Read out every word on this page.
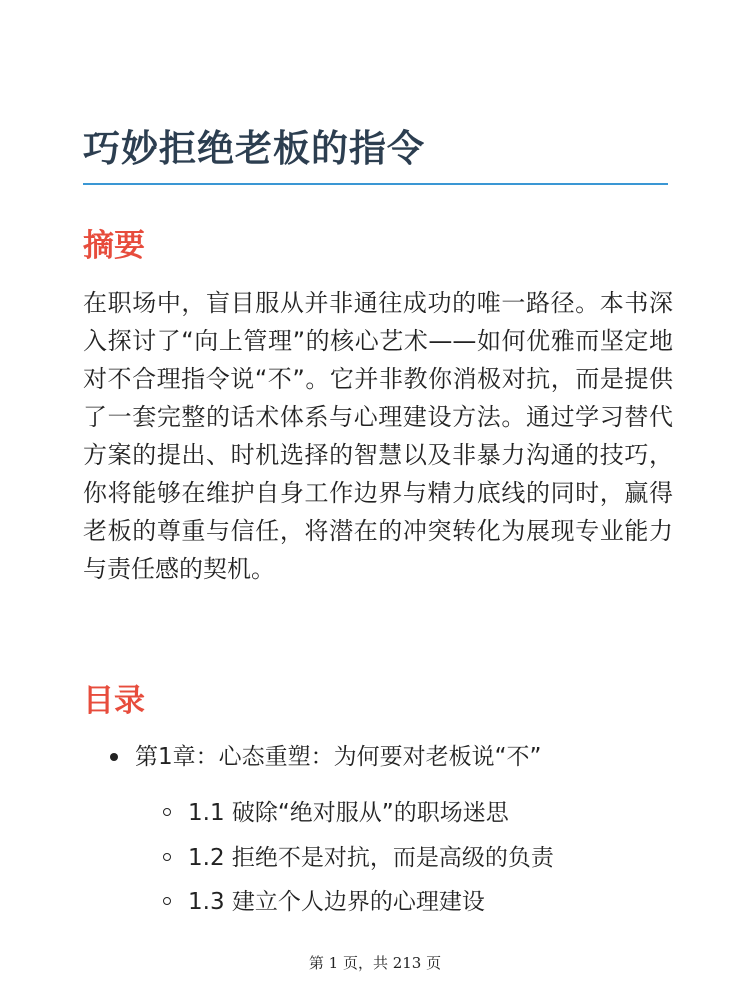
巧妙拒绝老板的指令
摘要

在职场中，盲目服从并非通往成功的唯一路径。本书深入探讨了“向上管理”的核心艺术——如何优雅而坚定地对不合理指令说“不”。它并非教你消极对抗，而是提供了一套完整的话术体系与心理建设方法。通过学习替代方案的提出、时机选择的智慧以及非暴力沟通的技巧，你将能够在维护自身工作边界与精力底线的同时，赢得老板的尊重与信任，将潜在的冲突转化为展现专业能力与责任感的契机。

目录
第1章：心态重塑：为何要对老板说“不”
1.1 破除“绝对服从”的职场迷思
1.2 拒绝不是对抗，而是高级的负责
1.3 建立个人边界的心理建设
第 1 页，共 213 页
